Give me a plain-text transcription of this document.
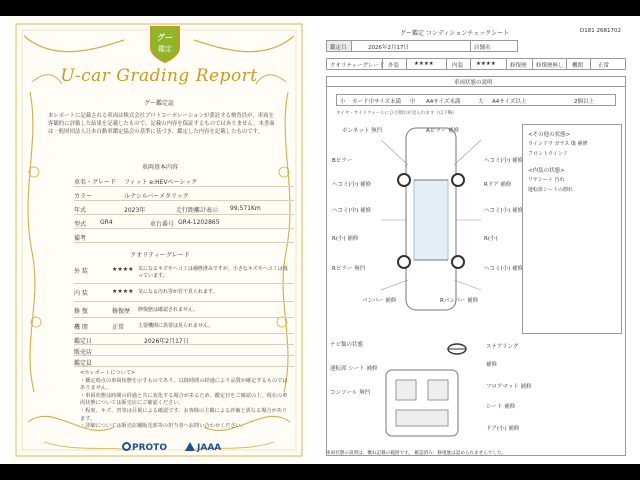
グー
鑑定
U-car Grading Report
グー鑑定証
本レポートに記載される車両は株式会社プロトコーポレーションが委託する検査員が、車両を客観的に評価した結果を記載したもので、記載の内容を保証するものではありません。本書面は一般財団法人日本自動車鑑定協会の基準に基づき、鑑定した内容を記載したものです。
車両基本内容
車名・グレード フィット e:HEVベーシック
カラー	ルナシルバーメタリック
年式	2023年	走行距離計表示 99,571Km
型式 GR4	車台番号 GR4-1202865
備考
クオリティーグレード
外 装	★★★★ 気になるキズやヘコミは補修済みですが、小さなキズやヘコミは残っています。
内 装	★★★★ 気になる汚れ等が若干見られます。
修 復	修復歴 修復歴は確認されません。
機 関	正常	主要機関に異常は見られません。
鑑定日	2026年2月17日
販売店
鑑定員
<ホレポートについて>
・鑑定時点の車両状態を示すものであり、以降時間の経過により品質が確定するものではありません。
・車両状態は時間の経過と共に変化する場合があるため、鑑定日をご確認の上、現在の車両状態については販売店にご確認ください。
・程度、キズ、凹等は目視による確認です。お客様の主観による評価と異なる場合があります。
・詳細については販売店舗販売部等の担当者へお問い合わせください。
PROTO	JAAA
グー鑑定 コンディションチェックシート	D181 2681702
鑑定日	2026年2月17日	店舗名
クオリティーグレード 外装	★★★★	内装 ★★★★	修復歴 修復歴無し 機関	正常
車両状態の説明
小 カード中サイズ未満 中 A4サイズ未満	大 A4サイズ以上	2個以上
タイヤ・サイドウォールにひび割れが見られます（以下略）
ボンネット 無凹
Bピラー
へコミ(小) 補修
ヘコミ(中) 補修
R(小) 補修
Rピラー 無凹
バンパー 補修
Aピラー 補修
ヘコミ(小) 補修
Rドア 補修
ヘコミ(小) 補修
R(小)
ヘコミ(小) 補修
Rバンパー 補修
ナビ類の状態
運転席 シート 補修
コンソール 無凹
ステアリング
補修
フロアマット 補修
シート 補修
ドア(小) 補修
<その他の状態>
ウインドウ ガラス 傷 補修
フロントウインド
<内装の状態>
リヤシート 汚れ
運転席シートの擦れ
車両状態の説明は、概ね記載の範囲です。 確認済み：修復歴は認められませんでした。
